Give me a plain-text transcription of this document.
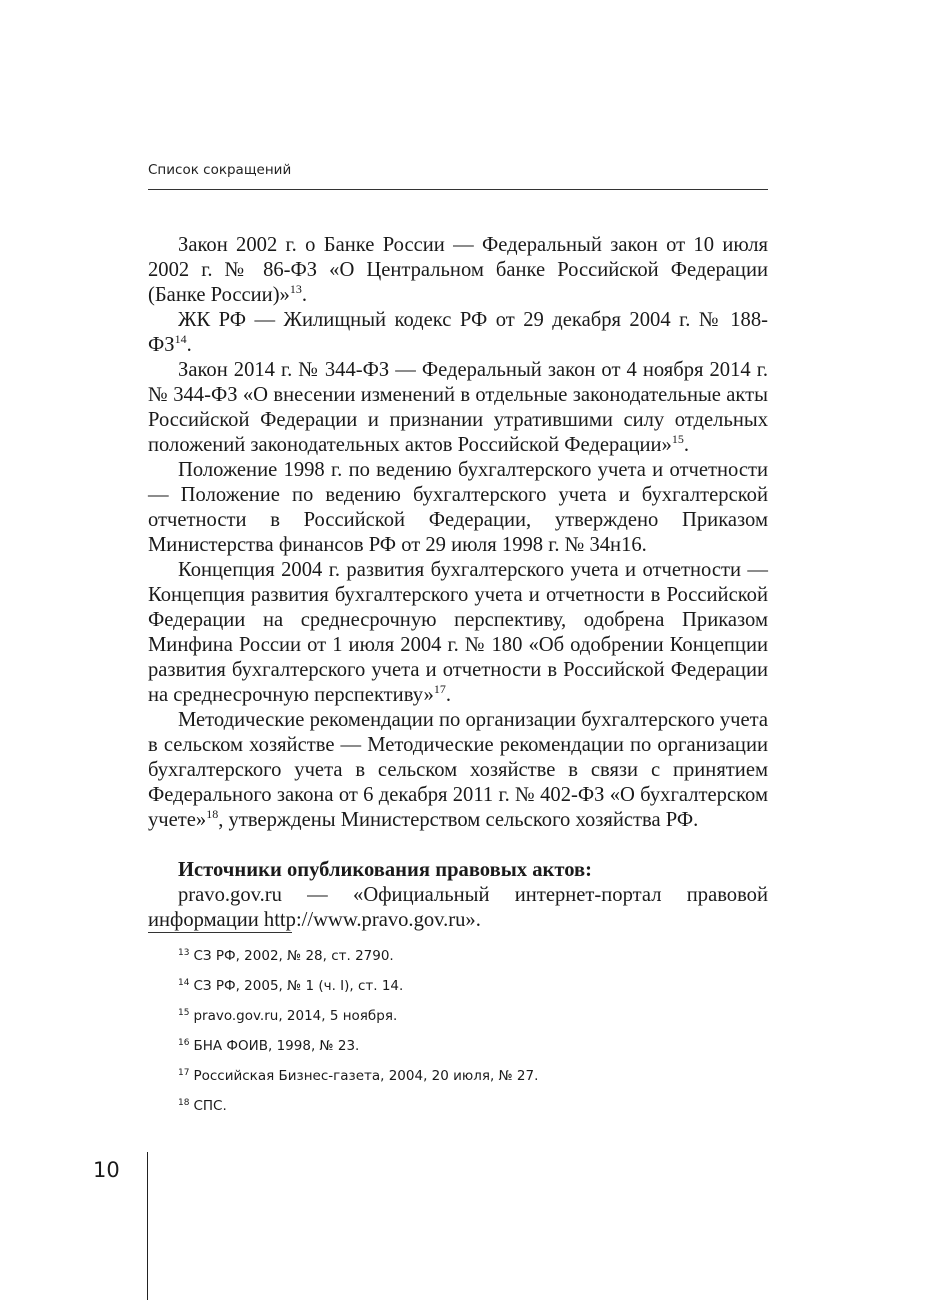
Список сокращений

Закон 2002 г. о Банке России — Федеральный закон от 10 июля 2002 г. № 86-ФЗ «О Центральном банке Российской Федерации (Банке России)»$^{13}$.

ЖК РФ — Жилищный кодекс РФ от 29 декабря 2004 г. № 188-ФЗ$^{14}$.

Закон 2014 г. № 344-ФЗ — Федеральный закон от 4 ноября 2014 г. № 344-ФЗ «О внесении изменений в отдельные законодательные акты Российской Федерации и признании утратившими силу отдельных положений законодательных актов Российской Федерации»$^{15}$.

Положение 1998 г. по ведению бухгалтерского учета и отчетности — Положение по ведению бухгалтерского учета и бухгалтерской отчетности в Российской Федерации, утверждено Приказом Министерства финансов РФ от 29 июля 1998 г. № 34н16.

Концепция 2004 г. развития бухгалтерского учета и отчетности — Концепция развития бухгалтерского учета и отчетности в Российской Федерации на среднесрочную перспективу, одобрена Приказом Минфина России от 1 июля 2004 г. № 180 «Об одобрении Концепции развития бухгалтерского учета и отчетности в Российской Федерации на среднесрочную перспективу»$^{17}$.

Методические рекомендации по организации бухгалтерского учета в сельском хозяйстве — Методические рекомендации по организации бухгалтерского учета в сельском хозяйстве в связи с принятием Федерального закона от 6 декабря 2011 г. № 402-ФЗ «О бухгалтерском учете»$^{18}$, утверждены Министерством сельского хозяйства РФ.

Источники опубликования правовых актов:

pravo.gov.ru — «Официальный интернет-портал правовой информации http://www.pravo.gov.ru».

$^{13}$ СЗ РФ, 2002, № 28, ст. 2790.
$^{14}$ СЗ РФ, 2005, № 1 (ч. I), ст. 14.
$^{15}$ pravo.gov.ru, 2014, 5 ноября.
$^{16}$ БНА ФОИВ, 1998, № 23.
$^{17}$ Российская Бизнес-газета, 2004, 20 июля, № 27.
$^{18}$ СПС.
10
